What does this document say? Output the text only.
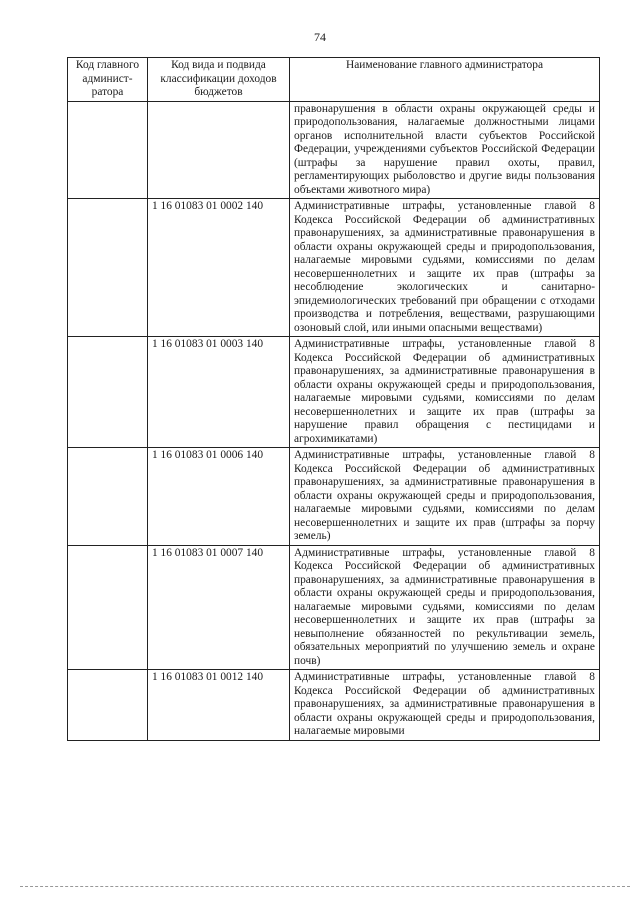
74
Код главного админист-ратора	Код вида и подвида классификации доходов бюджетов	Наименование главного администратора
		правонарушения в области охраны окружающей среды и природопользования, налагаемые должностными лицами органов исполнительной власти субъектов Российской Федерации, учреждениями субъектов Российской Федерации (штрафы за нарушение правил охоты, правил, регламентирующих рыболовство и другие виды пользования объектами животного мира)
	1 16 01083 01 0002 140	Административные штрафы, установленные главой 8 Кодекса Российской Федерации об административных правонарушениях, за административные правонарушения в области охраны окружающей среды и природопользования, налагаемые мировыми судьями, комиссиями по делам несовершеннолетних и защите их прав (штрафы за несоблюдение экологических и санитарно-эпидемиологических требований при обращении с отходами производства и потребления, веществами, разрушающими озоновый слой, или иными опасными веществами)
	1 16 01083 01 0003 140	Административные штрафы, установленные главой 8 Кодекса Российской Федерации об административных правонарушениях, за административные правонарушения в области охраны окружающей среды и природопользования, налагаемые мировыми судьями, комиссиями по делам несовершеннолетних и защите их прав (штрафы за нарушение правил обращения с пестицидами и агрохимикатами)
	1 16 01083 01 0006 140	Административные штрафы, установленные главой 8 Кодекса Российской Федерации об административных правонарушениях, за административные правонарушения в области охраны окружающей среды и природопользования, налагаемые мировыми судьями, комиссиями по делам несовершеннолетних и защите их прав (штрафы за порчу земель)
	1 16 01083 01 0007 140	Административные штрафы, установленные главой 8 Кодекса Российской Федерации об административных правонарушениях, за административные правонарушения в области охраны окружающей среды и природопользования, налагаемые мировыми судьями, комиссиями по делам несовершеннолетних и защите их прав (штрафы за невыполнение обязанностей по рекультивации земель, обязательных мероприятий по улучшению земель и охране почв)
	1 16 01083 01 0012 140	Административные штрафы, установленные главой 8 Кодекса Российской Федерации об административных правонарушениях, за административные правонарушения в области охраны окружающей среды и природопользования, налагаемые мировыми
